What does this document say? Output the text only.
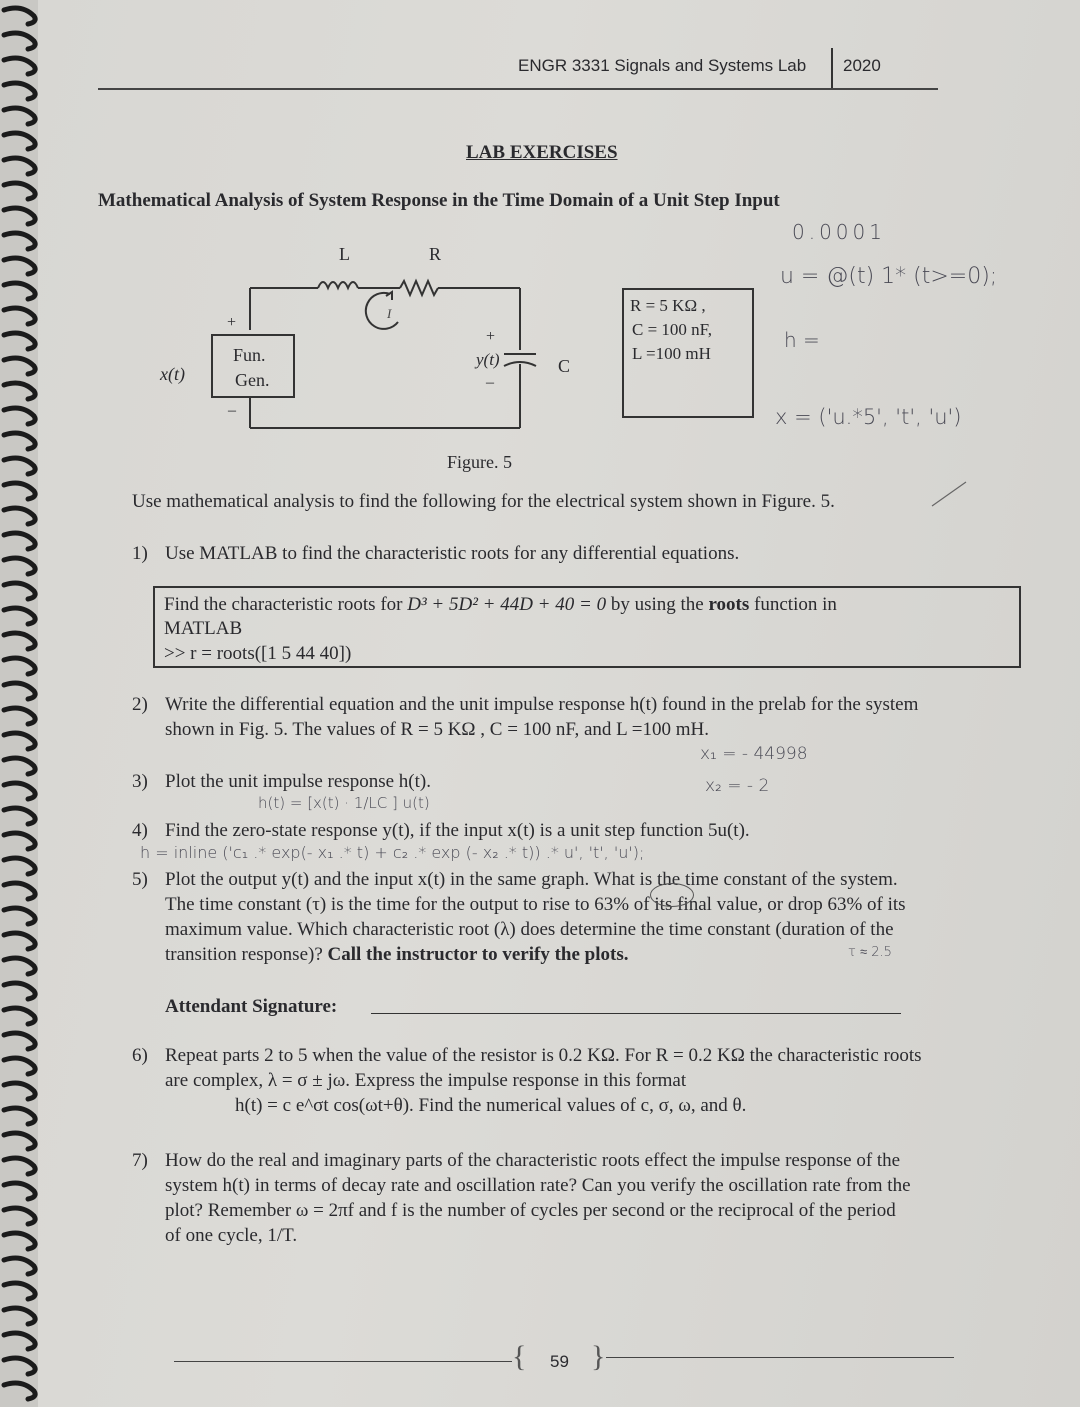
ENGR 3331 Signals and Systems Lab 2020
LAB EXERCISES
Mathematical Analysis of System Response in the Time Domain of a Unit Step Input
L	R
+
Fun.
Gen.
–
x(t)
+
y(t)
–
C
I	R = 5 KΩ ,
C = 100 nF,
L =100 mH
Figure. 5
Use mathematical analysis to find the following for the electrical system shown in Figure. 5.
1) Use MATLAB to find the characteristic roots for any differential equations.
Find the characteristic roots for D³ + 5D² + 44D + 40 = 0 by using the roots function in
MATLAB
>> r = roots([1 5 44 40])
2) Write the differential equation and the unit impulse response h(t) found in the prelab for the system
shown in Fig. 5. The values of R = 5 KΩ , C = 100 nF, and L =100 mH.
3) Plot the unit impulse response h(t).
4) Find the zero-state response y(t), if the input x(t) is a unit step function 5u(t).
5) Plot the output y(t) and the input x(t) in the same graph. What is the time constant of the system.
The time constant (τ) is the time for the output to rise to 63% of its final value, or drop 63% of its
maximum value. Which characteristic root (λ) does determine the time constant (duration of the
transition response)? Call the instructor to verify the plots.
Attendant Signature:
6) Repeat parts 2 to 5 when the value of the resistor is 0.2 KΩ. For R = 0.2 KΩ the characteristic roots
are complex, λ = σ ± jω. Express the impulse response in this format
h(t) = c e^σt cos(ωt+θ). Find the numerical values of c, σ, ω, and θ.
7) How do the real and imaginary parts of the characteristic roots effect the impulse response of the
system h(t) in terms of decay rate and oscillation rate? Can you verify the oscillation rate from the
plot? Remember ω = 2πf and f is the number of cycles per second or the reciprocal of the period
of one cycle, 1/T.
{ 59 }
0.0001
u = @(t) 1* (t>=0);
h =
x = ('u.*5', 't', 'u')
x₁ = - 44998
x₂ = - 2
h(t) = [x(t) · 1/LC ] u(t)
h = inline ('c₁ .* exp(- x₁ .* t) + c₂ .* exp (- x₂ .* t)) .* u', 't', 'u');
τ ≈ 2.5
